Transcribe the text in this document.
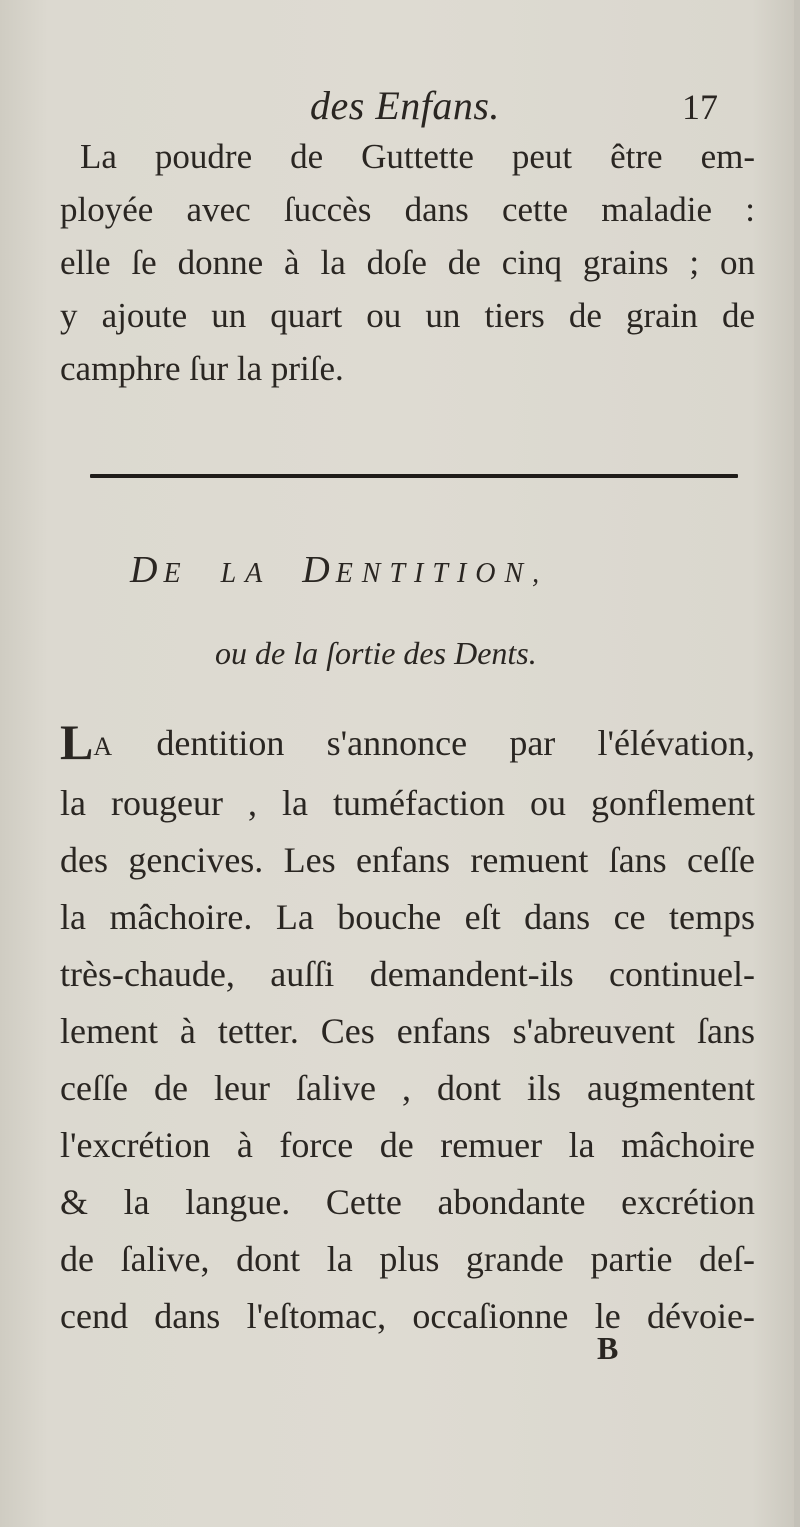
des Enfans.	17
La poudre de Guttette peut être em-
ployée avec ſuccès dans cette maladie :
elle ſe donne à la doſe de cinq grains ; on
y ajoute un quart ou un tiers de grain de
camphre ſur la priſe.
DE LA DENTITION,
ou de la ſortie des Dents.
LA dentition s'annonce par l'élévation,
la rougeur , la tuméfaction ou gonflement
des gencives. Les enfans remuent ſans ceſſe
la mâchoire. La bouche eſt dans ce temps
très-chaude, auſſi demandent-ils continuel-
lement à tetter. Ces enfans s'abreuvent ſans
ceſſe de leur ſalive , dont ils augmentent
l'excrétion à force de remuer la mâchoire
& la langue. Cette abondante excrétion
de ſalive, dont la plus grande partie deſ-
cend dans l'eſtomac, occaſionne le dévoie-
B
